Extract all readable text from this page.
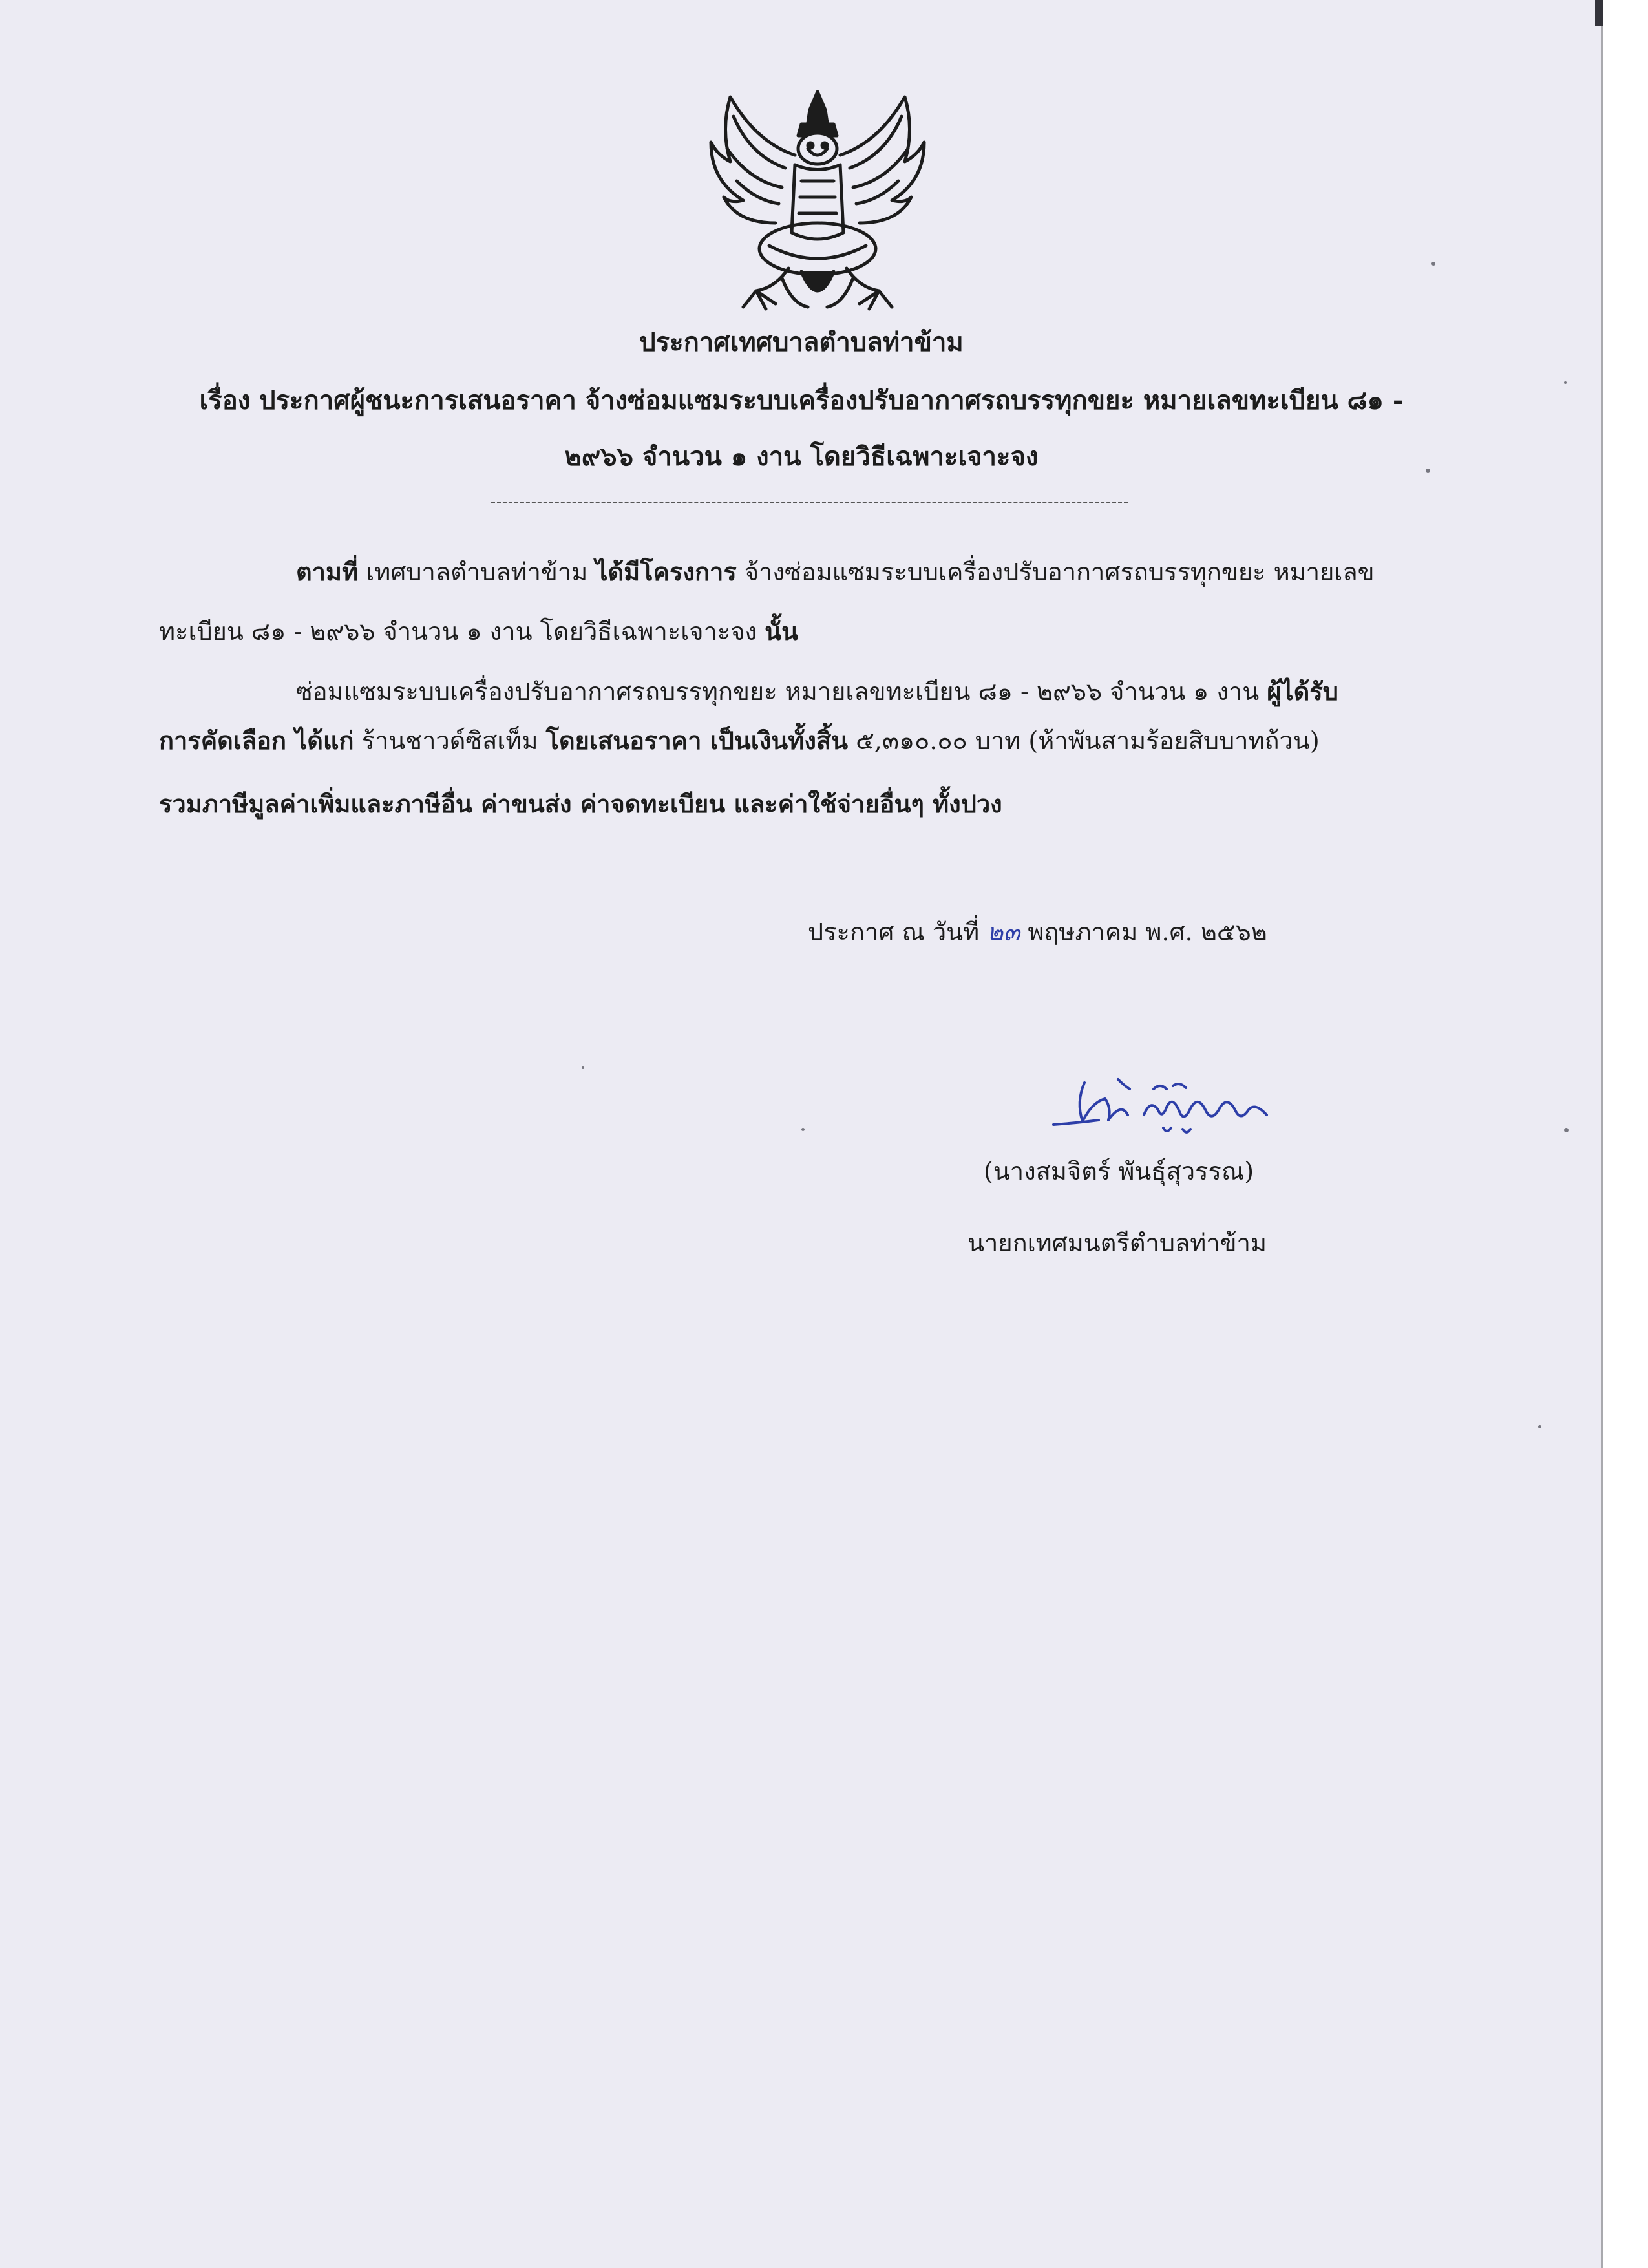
ประกาศเทศบาลตำบลท่าข้าม
เรื่อง ประกาศผู้ชนะการเสนอราคา จ้างซ่อมแซมระบบเครื่องปรับอากาศรถบรรทุกขยะ หมายเลขทะเบียน ๘๑ -
๒๙๖๖ จำนวน ๑ งาน โดยวิธีเฉพาะเจาะจง
ตามที่ เทศบาลตำบลท่าข้าม ได้มีโครงการ จ้างซ่อมแซมระบบเครื่องปรับอากาศรถบรรทุกขยะ หมายเลข
ทะเบียน ๘๑ - ๒๙๖๖ จำนวน ๑ งาน โดยวิธีเฉพาะเจาะจง นั้น
ซ่อมแซมระบบเครื่องปรับอากาศรถบรรทุกขยะ หมายเลขทะเบียน ๘๑ - ๒๙๖๖ จำนวน ๑ งาน ผู้ได้รับ
การคัดเลือก ได้แก่ ร้านชาวด์ซิสเท็ม โดยเสนอราคา เป็นเงินทั้งสิ้น ๕,๓๑๐.๐๐ บาท (ห้าพันสามร้อยสิบบาทถ้วน)
รวมภาษีมูลค่าเพิ่มและภาษีอื่น ค่าขนส่ง ค่าจดทะเบียน และค่าใช้จ่ายอื่นๆ ทั้งปวง
ประกาศ ณ วันที่ ๒๓ พฤษภาคม พ.ศ. ๒๕๖๒
(นางสมจิตร์ พันธุ์สุวรรณ)
นายกเทศมนตรีตำบลท่าข้าม
